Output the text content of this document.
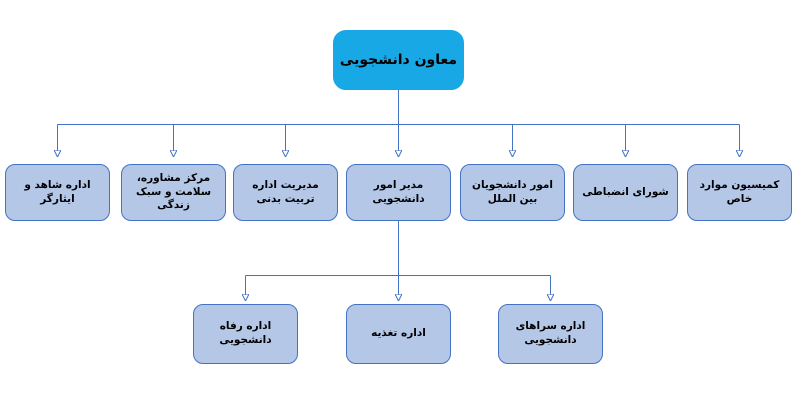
معاون دانشجویی
اداره شاهد و ایثارگر
مرکز مشاوره، سلامت و سبک زندگی
مدیریت اداره تربیت بدنی
مدیر امور دانشجویی
امور دانشجویان بین الملل
شورای انضباطی
کمیسیون موارد خاص
اداره رفاه دانشجویی
اداره تغذیه
اداره سراهای دانشجویی
